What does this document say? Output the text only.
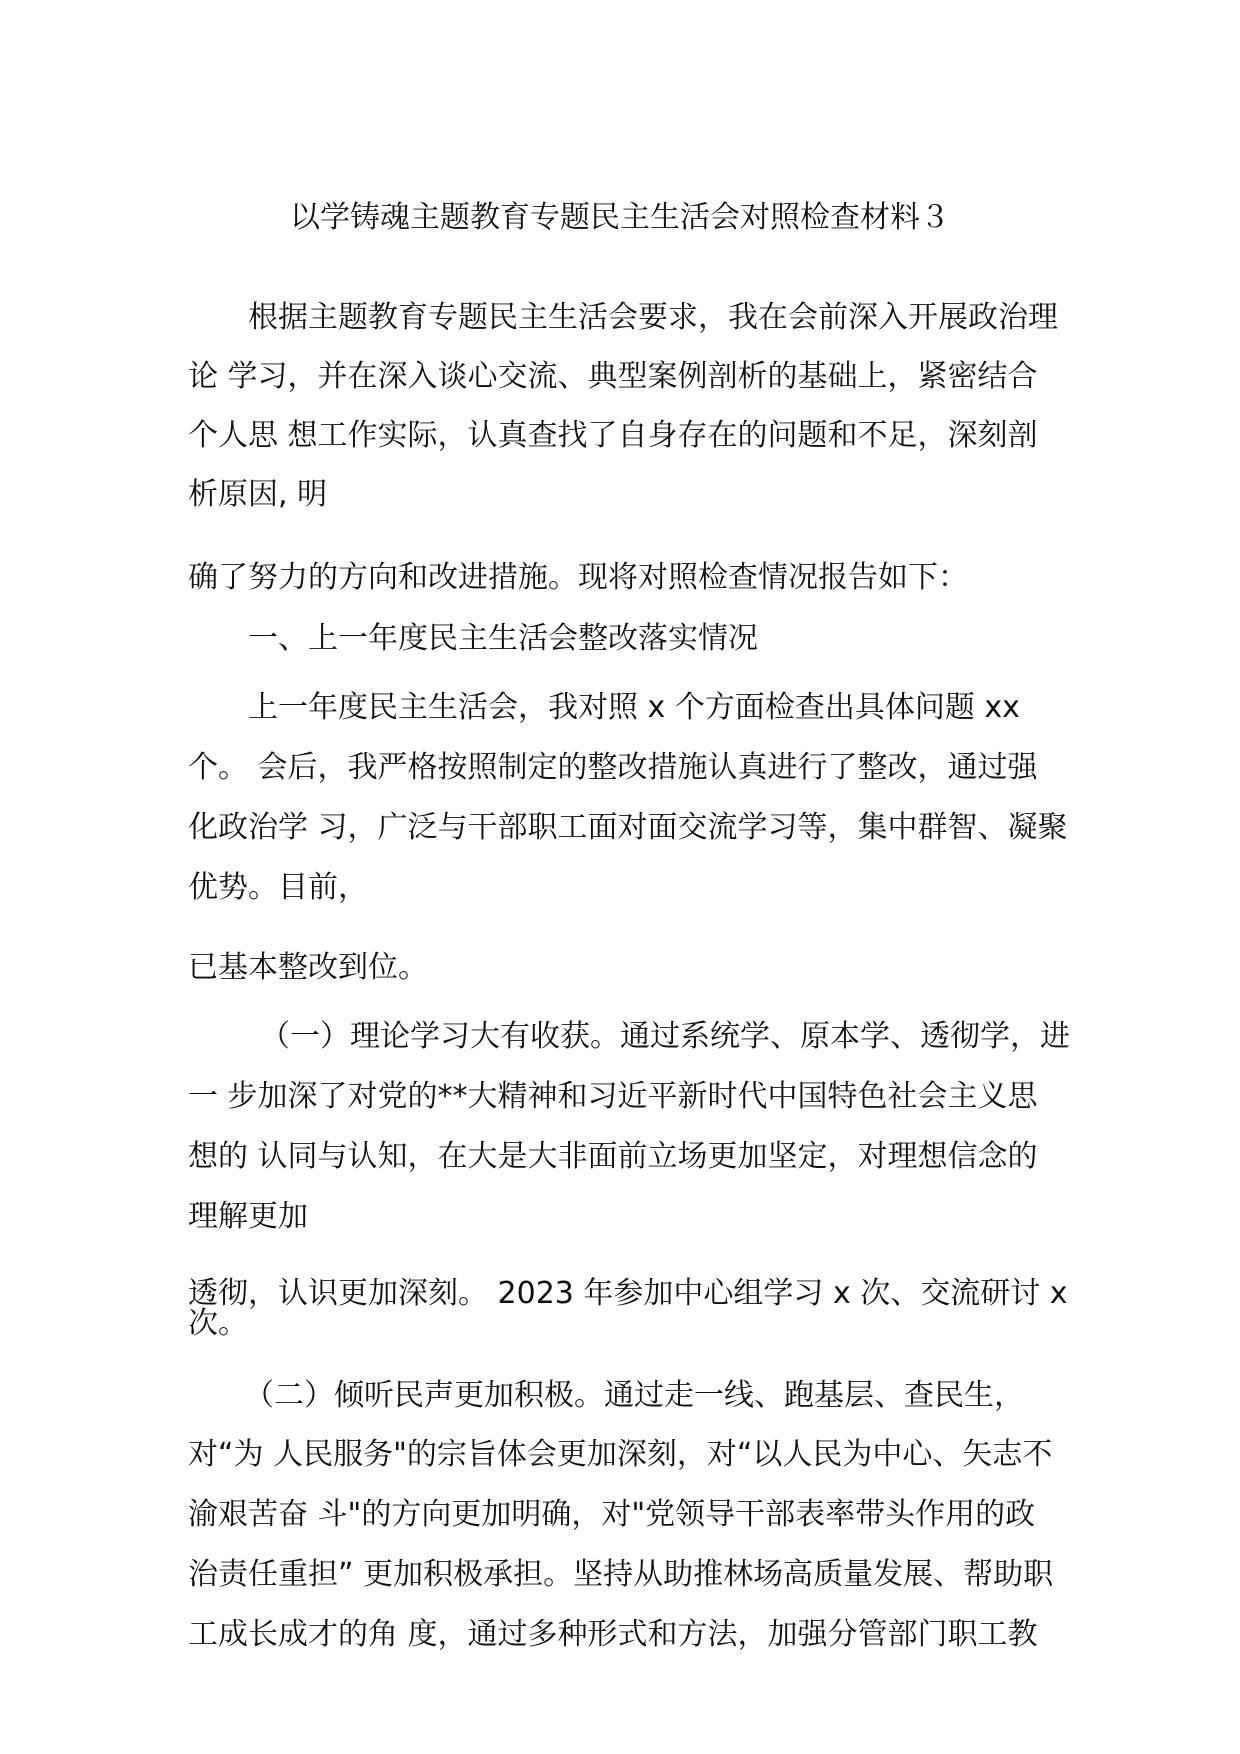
以学铸魂主题教育专题民主生活会对照检查材料３
根据主题教育专题民主生活会要求，我在会前深入开展政治理
论 学习，并在深入谈心交流、典型案例剖析的基础上，紧密结合
个人思 想工作实际，认真查找了自身存在的问题和不足，深刻剖
析原因, 明
确了努力的方向和改进措施。现将对照检查情况报告如下：
一、上一年度民主生活会整改落实情况
上一年度民主生活会，我对照 x 个方面检查出具体问题 xx
个。 会后，我严格按照制定的整改措施认真进行了整改，通过强
化政治学 习，广泛与干部职工面对面交流学习等，集中群智、凝聚
优势。目前，
已基本整改到位。
（一）理论学习大有收获。通过系统学、原本学、透彻学，进
一 步加深了对党的**大精神和习近平新时代中国特色社会主义思
想的 认同与认知，在大是大非面前立场更加坚定，对理想信念的
理解更加
透彻，认识更加深刻。 2023 年参加中心组学习 x 次、交流研讨 x
次。
（二）倾听民声更加积极。通过走一线、跑基层、查民生，
对“为 人民服务"的宗旨体会更加深刻，对“以人民为中心、矢志不
渝艰苦奋 斗"的方向更加明确，对"党领导干部表率带头作用的政
治责任重担” 更加积极承担。坚持从助推林场高质量发展、帮助职
工成长成才的角 度，通过多种形式和方法，加强分管部门职工教
